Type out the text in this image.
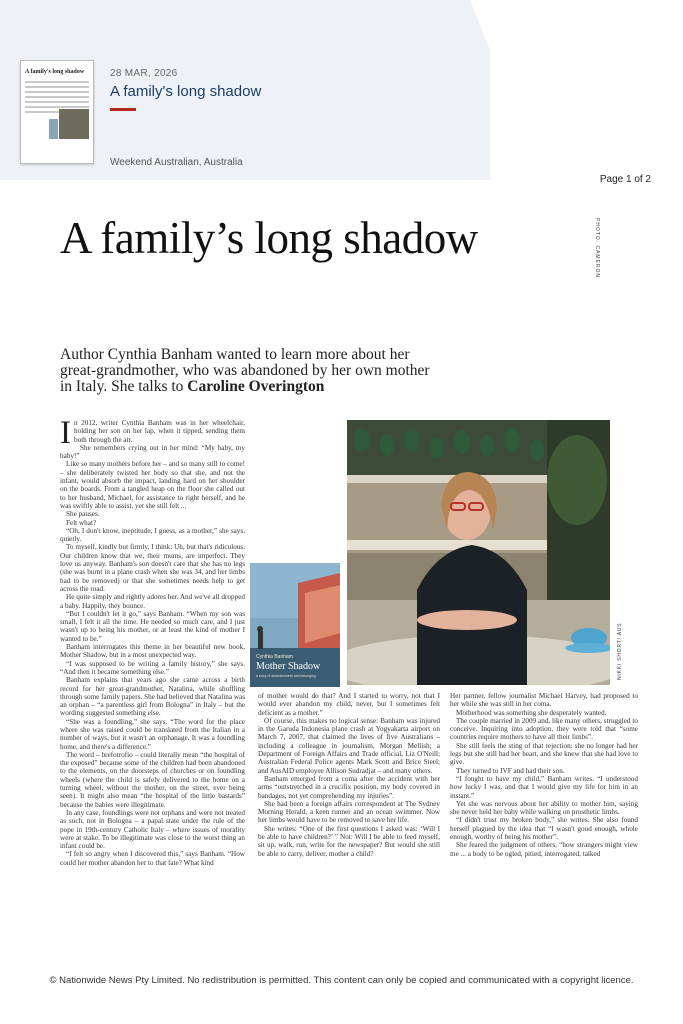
A family's long shadow	28 MAR, 2026
A family's long shadow
Weekend Australian, Australia
Page 1 of 2
A family’s long shadow	PHOTO: CAMERON
Author Cynthia Banham wanted to learn more about her great-grandmother, who was abandoned by her own mother in Italy. She talks to Caroline Overington
I n 2012, writer Cynthia Banham was in her wheelchair, holding her son on her lap, when it tipped, sending them both through the air.

She remembers crying out in her mind: “My baby, my baby!”

Like so many mothers before her – and so many still to come! – she deliberately twisted her body so that she, and not the infant, would absorb the impact, landing hard on her shoulder on the boards. From a tangled heap on the floor she called out to her husband, Michael, for assistance to right herself, and he was swiftly able to assist, yet she still felt ...

She pauses.

Felt what?

“Oh, I don't know, ineptitude, I guess, as a mother,” she says, quietly.

To myself, kindly but firmly, I think: Uh, but that's ridiculous. Our children know that we, their mums, are imperfect. They love us anyway. Banham's son doesn't care that she has no legs (she was burnt in a plane crash when she was 34, and her limbs had to be removed) or that she sometimes needs help to get across the road.

He quite simply and rightly adores her. And we've all dropped a baby. Happily, they bounce.

“But I couldn't let it go,” says Banham. “When my son was small, I felt it all the time. He needed so much care, and I just wasn't up to being his mother, or at least the kind of mother I wanted to be.”

Banham interrogates this theme in her beautiful new book, Mother Shadow, but in a most unexpected way.

“I was supposed to be writing a family history,” she says. “And then it became something else.”

Banham explains that years ago she came across a birth record for her great-grandmother, Natalina, while shuffling through some family papers. She had believed that Natalina was an orphan – “a parentless girl from Bologna” in Italy – but the wording suggested something else.

“She was a foundling,” she says. “The word for the place where she was raised could be translated from the Italian in a number of ways, but it wasn't an orphanage. It was a foundling home, and there's a difference.”

The word – brefotrofio – could literally mean “the hospital of the exposed” because some of the children had been abandoned to the elements, on the doorsteps of churches or on foundling wheels (where the child is safely delivered to the home on a turning wheel, without the mother, on the street, ever being seen). It might also mean “the hospital of the little bastards” because the babies were illegitimate.

In any case, foundlings were not orphans and were not treated as such, not in Bologna – a papal state under the rule of the pope in 19th-century Catholic Italy – where issues of morality were at stake. To be illegitimate was close to the worst thing an infant could be.

“I felt so angry when I discovered this,” says Banham. “How could her mother abandon her to that fate? What kind

Cynthia Banham
Mother Shadow
a story of abandonment and belonging	NIKKI SHORT/ AUS

of mother would do that? And I started to worry, not that I would ever abandon my child, never, but I sometimes felt deficient as a mother.”

Of course, this makes no logical sense: Banham was injured in the Garuda Indonesia plane crash at Yogyakarta airport on March 7, 2007, that claimed the lives of five Australians – including a colleague in journalism, Morgan Mellish; a Department of Foreign Affairs and Trade official, Liz O'Neill; Australian Federal Police agents Mark Scott and Brice Steel; and AusAID employee Allison Sudradjat – and many others.

Banham emerged from a coma after the accident with her arms “outstretched in a crucifix position, my body covered in bandages, not yet comprehending my injuries”.

She had been a foreign affairs correspondent at The Sydney Morning Herald, a keen runner and an ocean swimmer. Now her limbs would have to be removed to save her life.

She writes: “One of the first questions I asked was: ‘Will I be able to have children?’ ” Not: Will I be able to feed myself, sit up, walk, run, write for the newspaper? But would she still be able to carry, deliver, mother a child?

Her partner, fellow journalist Michael Harvey, had proposed to her while she was still in her coma.

Motherhood was something she desperately wanted.

The couple married in 2009 and, like many others, struggled to conceive. Inquiring into adoption, they were told that “some countries require mothers to have all their limbs”.

She still feels the sting of that rejection: she no longer had her legs but she still had her heart, and she knew that she had love to give.

They turned to IVF and had their son.

“I fought to have my child,” Banham writes. “I understood how lucky I was, and that I would give my life for him in an instant.”

Yet she was nervous about her ability to mother him, saying she never held her baby while walking on prosthetic limbs.

“I didn't trust my broken body,” she writes. She also found herself plagued by the idea that “I wasn't good enough, whole enough, worthy of being his mother”.

She feared the judgment of others, “how strangers might view me ... a body to be ogled, pitied, interrogated, talked

© Nationwide News Pty Limited. No redistribution is permitted. This content can only be copied and communicated with a copyright licence.
